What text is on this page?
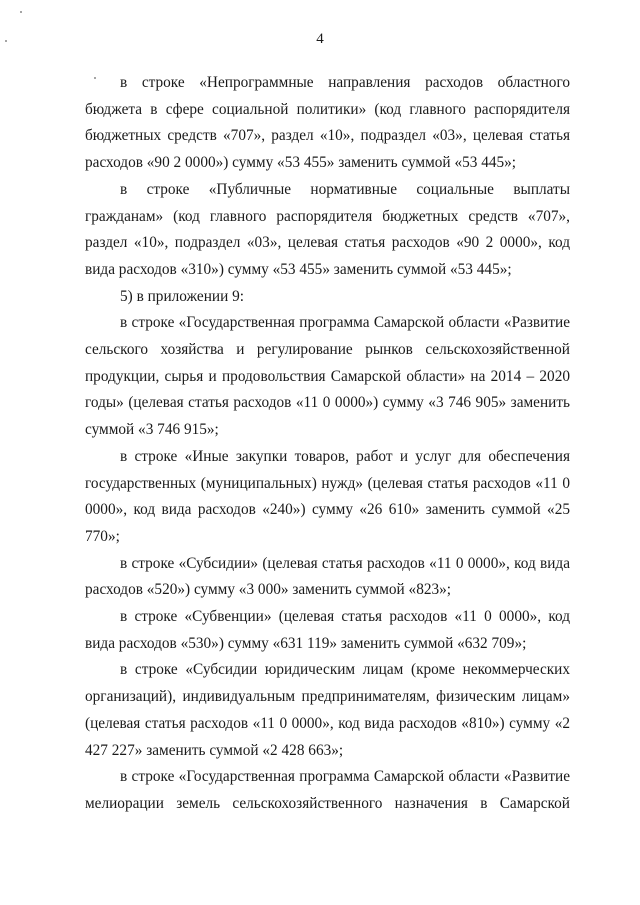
4

в строке «Непрограммные направления расходов областного бюджета в сфере социальной политики» (код главного распорядителя бюджетных средств «707», раздел «10», подраздел «03», целевая статья расходов «90 2 0000») сумму «53 455» заменить суммой «53 445»;

в строке «Публичные нормативные социальные выплаты гражданам» (код главного распорядителя бюджетных средств «707», раздел «10», подраздел «03», целевая статья расходов «90 2 0000», код вида расходов «310») сумму «53 455» заменить суммой «53 445»;

5) в приложении 9:

в строке «Государственная программа Самарской области «Развитие сельского хозяйства и регулирование рынков сельскохозяйственной продукции, сырья и продовольствия Самарской области» на 2014 – 2020 годы» (целевая статья расходов «11 0 0000») сумму «3 746 905» заменить суммой «3 746 915»;

в строке «Иные закупки товаров, работ и услуг для обеспечения государственных (муниципальных) нужд» (целевая статья расходов «11 0 0000», код вида расходов «240») сумму «26 610» заменить суммой «25 770»;

в строке «Субсидии» (целевая статья расходов «11 0 0000», код вида расходов «520») сумму «3 000» заменить суммой «823»;

в строке «Субвенции» (целевая статья расходов «11 0 0000», код вида расходов «530») сумму «631 119» заменить суммой «632 709»;

в строке «Субсидии юридическим лицам (кроме некоммерческих организаций), индивидуальным предпринимателям, физическим лицам» (целевая статья расходов «11 0 0000», код вида расходов «810») сумму «2 427 227» заменить суммой «2 428 663»;

в строке «Государственная программа Самарской области «Развитие мелиорации земель сельскохозяйственного назначения в Самарской
